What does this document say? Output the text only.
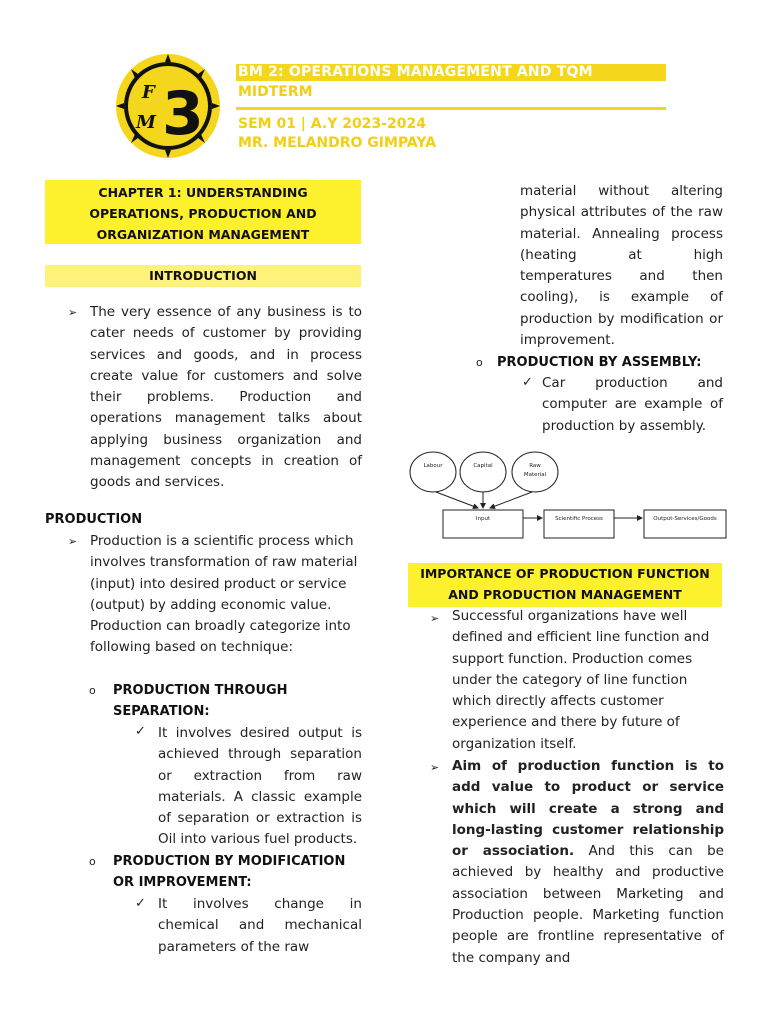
F
M 3
BM 2: OPERATIONS MANAGEMENT AND TQM
MIDTERM
SEM 01 | A.Y 2023-2024
MR. MELANDRO GIMPAYA
CHAPTER 1: UNDERSTANDING OPERATIONS, PRODUCTION AND ORGANIZATION MANAGEMENT
INTRODUCTION
➢ The very essence of any business is to cater needs of customer by providing services and goods, and in process create value for customers and solve their problems. Production and operations management talks about applying business organization and management concepts in creation of goods and services.
PRODUCTION
➢ Production is a scientific process which involves transformation of raw material (input) into desired product or service (output) by adding economic value. Production can broadly categorize into following based on technique:
o PRODUCTION THROUGH SEPARATION:
✓ It involves desired output is achieved through separation or extraction from raw materials. A classic example of separation or extraction is Oil into various fuel products.
o PRODUCTION BY MODIFICATION OR IMPROVEMENT:
✓ It involves change in chemical and mechanical parameters of the raw
material without altering physical attributes of the raw material. Annealing process (heating at high temperatures and then cooling), is example of production by modification or improvement.
o PRODUCTION BY ASSEMBLY:
✓ Car production and computer are example of production by assembly.
Labour	Capital	Raw
Material
Input	Scientific Process	Output-Services/Goods
IMPORTANCE OF PRODUCTION FUNCTION AND PRODUCTION MANAGEMENT
➢ Successful organizations have well defined and efficient line function and support function. Production comes under the category of line function which directly affects customer experience and there by future of organization itself.
➢ Aim of production function is to add value to product or service which will create a strong and long-lasting customer relationship or association. And this can be achieved by healthy and productive association between Marketing and Production people. Marketing function people are frontline representative of the company and
